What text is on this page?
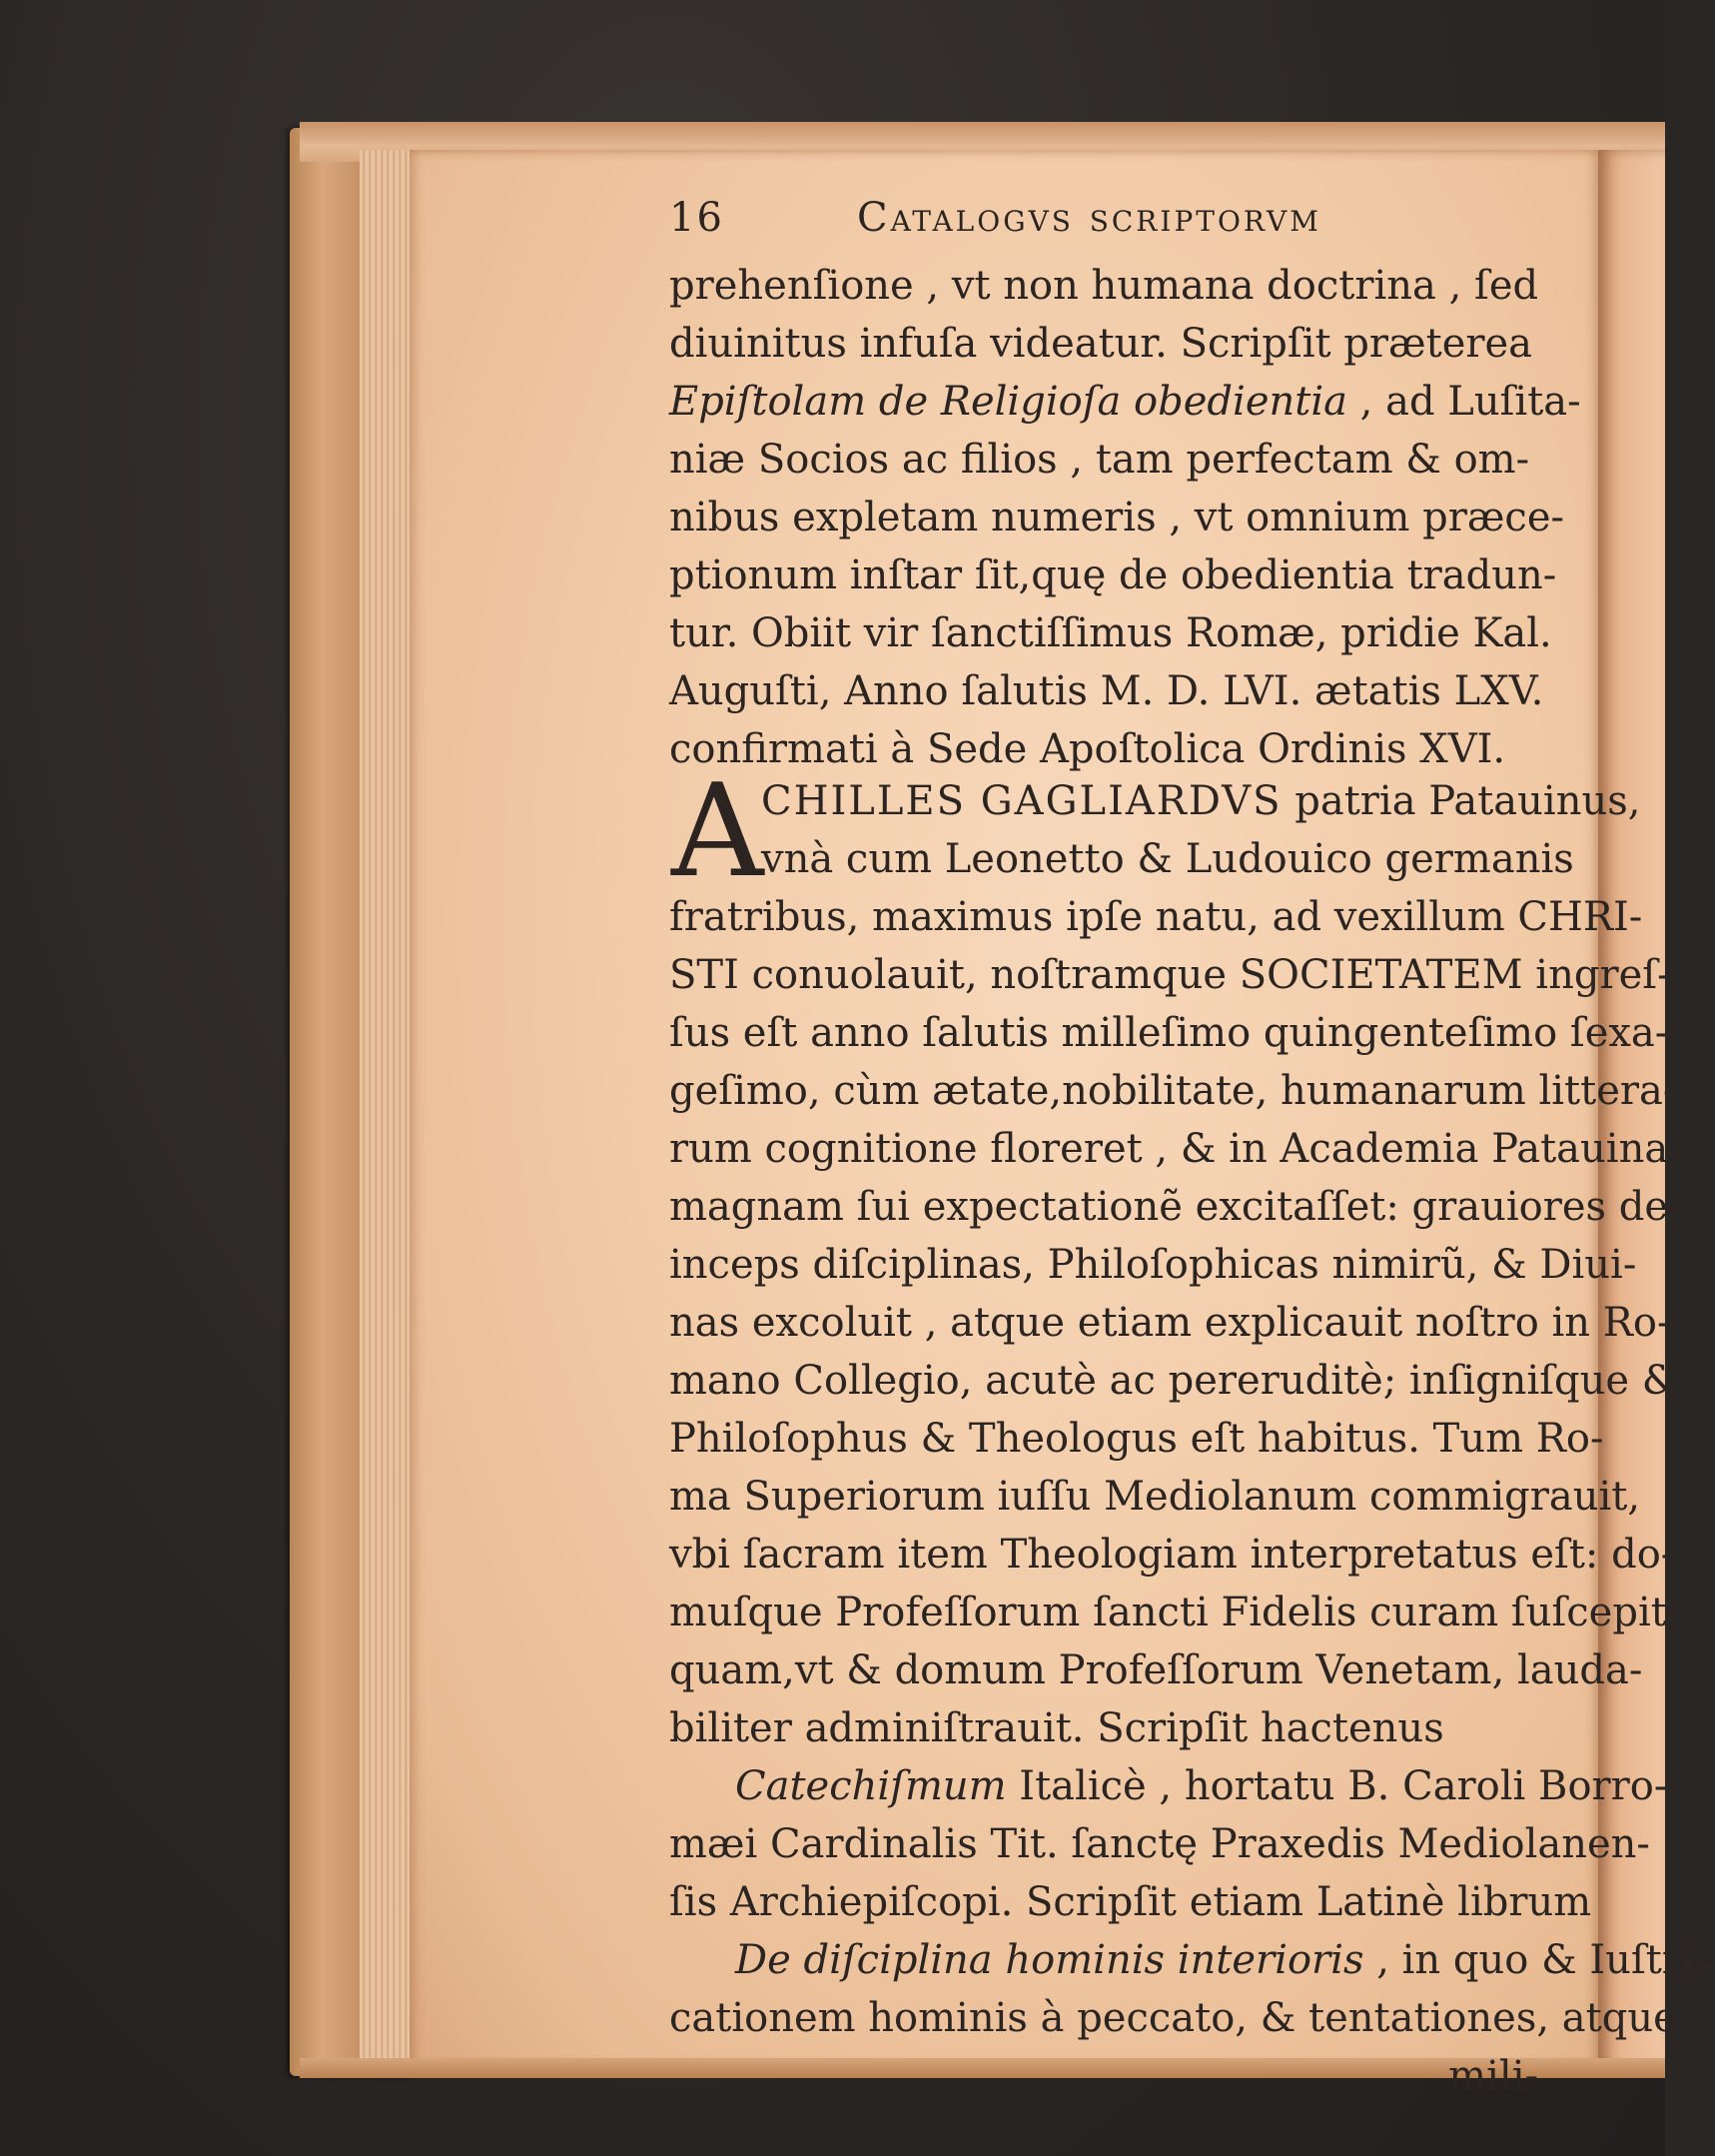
16	Catalogvs scriptorvm
prehenſione , vt non humana doctrina , ſed
diuinitus infuſa videatur. Scripſit præterea
Epiſtolam de Religioſa obedientia , ad Luſita-
niæ Socios ac filios , tam perfectam & om-
nibus expletam numeris , vt omnium præce-
ptionum inſtar ſit,quę de obedientia tradun-
tur. Obiit vir ſanctiſſimus Romæ, pridie Kal.
Auguſti, Anno ſalutis M. D. LVI. ætatis LXV.
confirmati à Sede Apoſtolica Ordinis XVI.
A
CHILLES GAGLIARDVS patria Patauinus,
vnà cum Leonetto & Ludouico germanis
fratribus, maximus ipſe natu, ad vexillum CHRI-
STI conuolauit, noſtramque SOCIETATEM ingreſ-
ſus eſt anno ſalutis milleſimo quingenteſimo ſexa-
geſimo, cùm ætate,nobilitate, humanarum littera-
rum cognitione floreret , & in Academia Patauina
magnam ſui expectationẽ excitaſſet: grauiores de-
inceps diſciplinas, Philoſophicas nimirũ, & Diui-
nas excoluit , atque etiam explicauit noſtro in Ro-
mano Collegio, acutè ac pereruditè; inſigniſque &
Philoſophus & Theologus eſt habitus. Tum Ro-
ma Superiorum iuſſu Mediolanum commigrauit,
vbi ſacram item Theologiam interpretatus eſt: do-
muſque Profeſſorum ſancti Fidelis curam ſuſcepit;
quam,vt & domum Profeſſorum Venetam, lauda-
biliter adminiſtrauit. Scripſit hactenus
Catechiſmum Italicè , hortatu B. Caroli Borro-
mæi Cardinalis Tit. ſanctę Praxedis Mediolanen-
ſis Archiepiſcopi. Scripſit etiam Latinè librum
De diſciplina hominis interioris , in quo & Iuſtifi-
cationem hominis à peccato, & tentationes, atque
mili-
